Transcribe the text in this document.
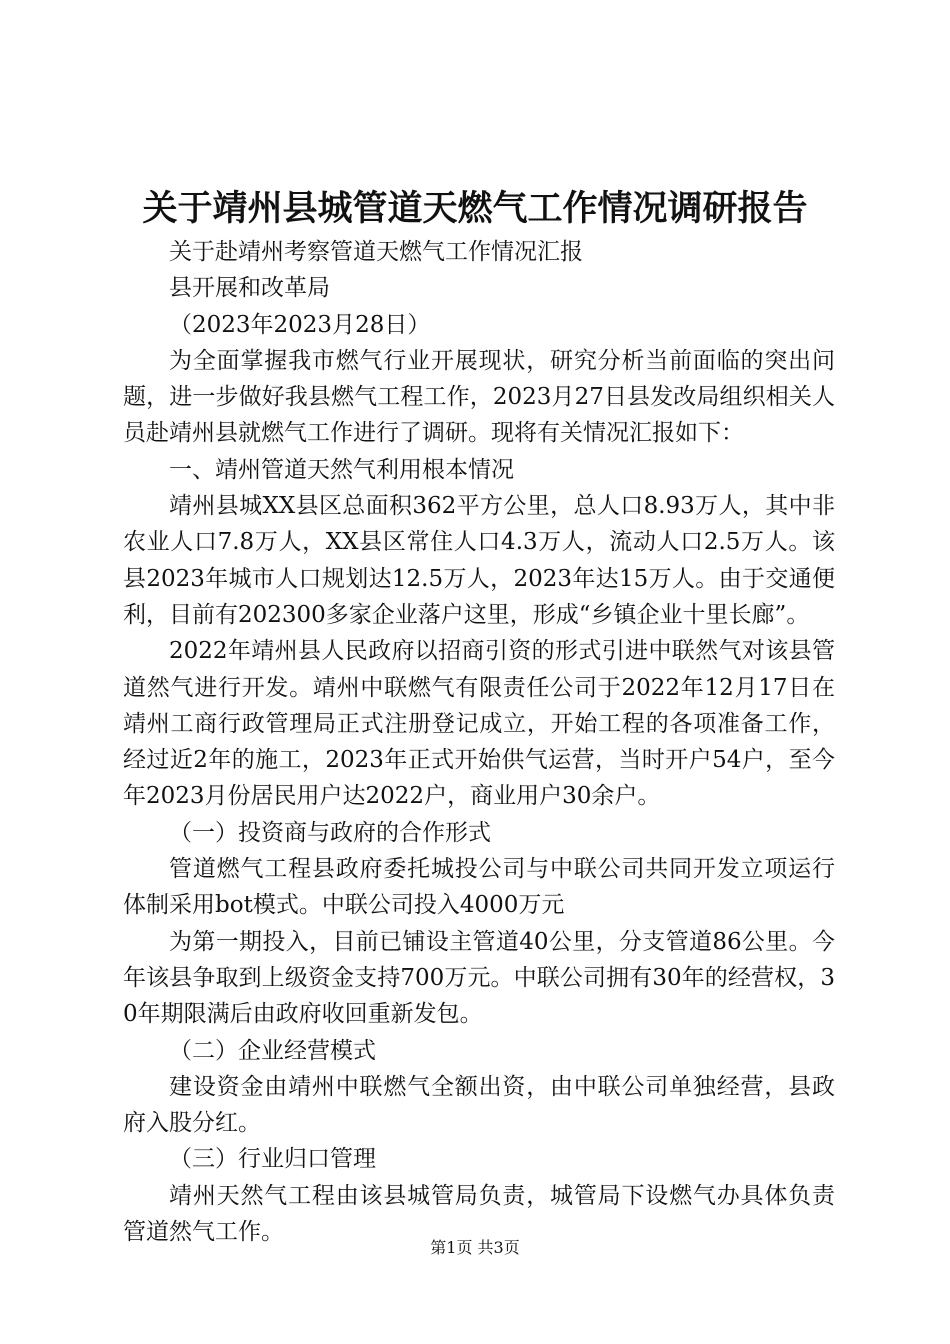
关于靖州县城管道天燃气工作情况调研报告

关于赴靖州考察管道天燃气工作情况汇报

县开展和改革局

（2023年2023月28日）

为全面掌握我市燃气行业开展现状，研究分析当前面临的突出问题，进一步做好我县燃气工程工作，2023月27日县发改局组织相关人员赴靖州县就燃气工作进行了调研。现将有关情况汇报如下：

一、靖州管道天然气利用根本情况

靖州县城XX县区总面积362平方公里，总人口8.93万人，其中非农业人口7.8万人，XX县区常住人口4.3万人，流动人口2.5万人。该县2023年城市人口规划达12.5万人，2023年达15万人。由于交通便利，目前有202300多家企业落户这里，形成“乡镇企业十里长廊”。

2022年靖州县人民政府以招商引资的形式引进中联然气对该县管道然气进行开发。靖州中联燃气有限责任公司于2022年12月17日在靖州工商行政管理局正式注册登记成立，开始工程的各项准备工作，经过近2年的施工，2023年正式开始供气运营，当时开户54户，至今年2023月份居民用户达2022户，商业用户30余户。

（一）投资商与政府的合作形式

管道燃气工程县政府委托城投公司与中联公司共同开发立项运行体制采用bot模式。中联公司投入4000万元

为第一期投入，目前已铺设主管道40公里，分支管道86公里。今年该县争取到上级资金支持700万元。中联公司拥有30年的经营权，30年期限满后由政府收回重新发包。

（二）企业经营模式

建设资金由靖州中联燃气全额出资，由中联公司单独经营，县政府入股分红。

（三）行业归口管理

靖州天然气工程由该县城管局负责，城管局下设燃气办具体负责管道然气工作。

第1页 共3页
